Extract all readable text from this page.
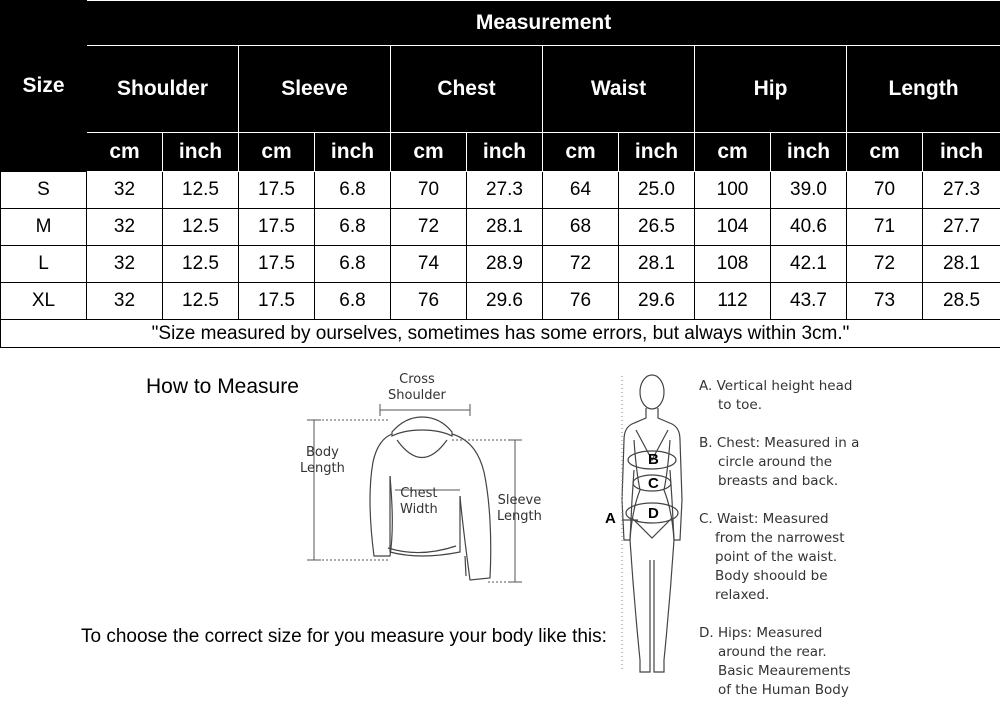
Size	Measurement											
	Shoulder		Sleeve		Chest		Waist		Hip		Length	
	cm	inch	cm	inch	cm	inch	cm	inch	cm	inch	cm	inch
S	32	12.5	17.5	6.8	70	27.3	64	25.0	100	39.0	70	27.3
M	32	12.5	17.5	6.8	72	28.1	68	26.5	104	40.6	71	27.7
L	32	12.5	17.5	6.8	74	28.9	72	28.1	108	42.1	72	28.1
XL	32	12.5	17.5	6.8	76	29.6	76	29.6	112	43.7	73	28.5
"Size measured by ourselves, sometimes has some errors, but always within 3cm."												
How to Measure	Cross
Shoulder
Body
Length
Chest
Width
Sleeve
Length	A
B
C
D
To choose the correct size for you measure your body like this:
A. Vertical height head
to toe.
B. Chest: Measured in a
circle around the
breasts and back.
C. Waist: Measured
from the narrowest
point of the waist.
Body shoould be
relaxed.
D. Hips: Measured
around the rear.
Basic Meaurements
of the Human Body
